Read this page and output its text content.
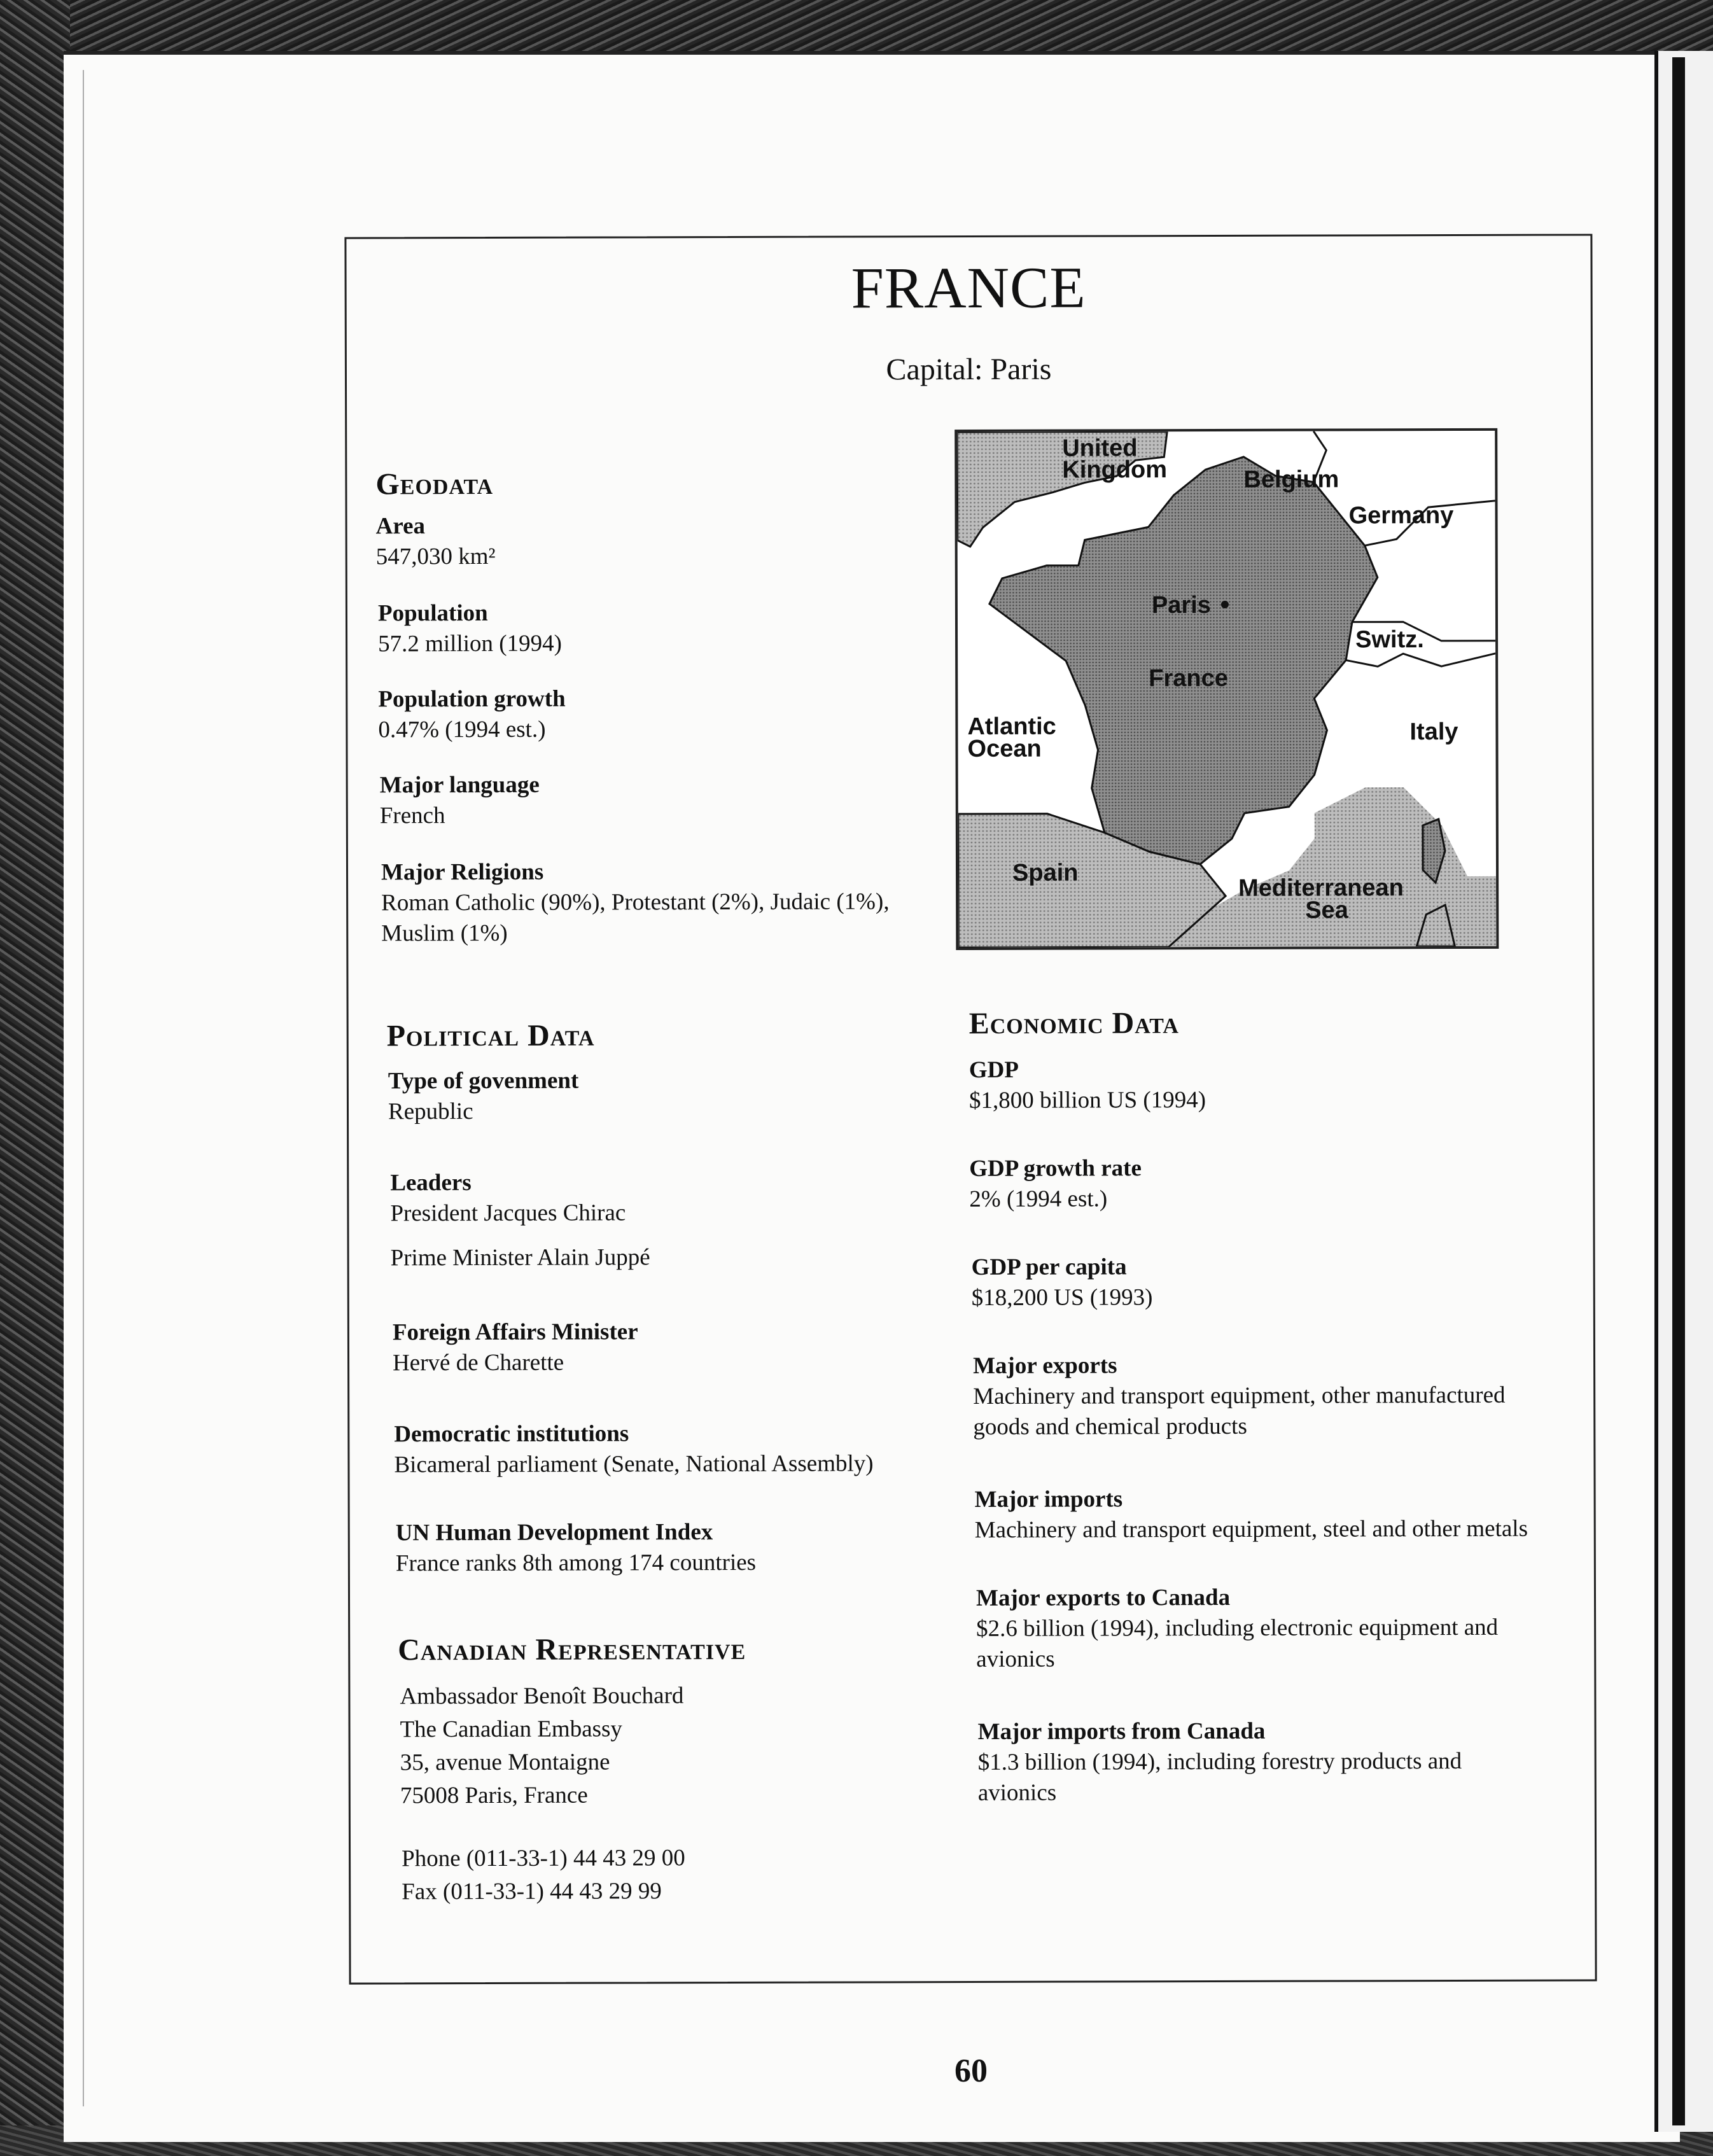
FRANCE
Capital: Paris
Geodata
Area
547,030 km²
Population
57.2 million (1994)
Population growth
0.47% (1994 est.)
Major language
French
Major Religions
Roman Catholic (90%), Protestant (2%), Judaic (1%), Muslim (1%)
United
Kingdom	Belgium
Germany
Paris
France
Switz.
Atlantic
Ocean
Italy
Spain
Mediterranean
Sea
Political Data
Type of govenment
Republic
Leaders
President Jacques Chirac
Prime Minister Alain Juppé
Foreign Affairs Minister
Hervé de Charette
Democratic institutions
Bicameral parliament (Senate, National Assembly)
UN Human Development Index
France ranks 8th among 174 countries
Canadian Representative
Ambassador Benoît Bouchard
The Canadian Embassy
35, avenue Montaigne
75008 Paris, France
Phone (011-33-1) 44 43 29 00
Fax (011-33-1) 44 43 29 99
Economic Data
GDP
$1,800 billion US (1994)
GDP growth rate
2% (1994 est.)
GDP per capita
$18,200 US (1993)
Major exports
Machinery and transport equipment, other manufactured goods and chemical products
Major imports
Machinery and transport equipment, steel and other metals
Major exports to Canada
$2.6 billion (1994), including electronic equipment and avionics
Major imports from Canada
$1.3 billion (1994), including forestry products and avionics
60
